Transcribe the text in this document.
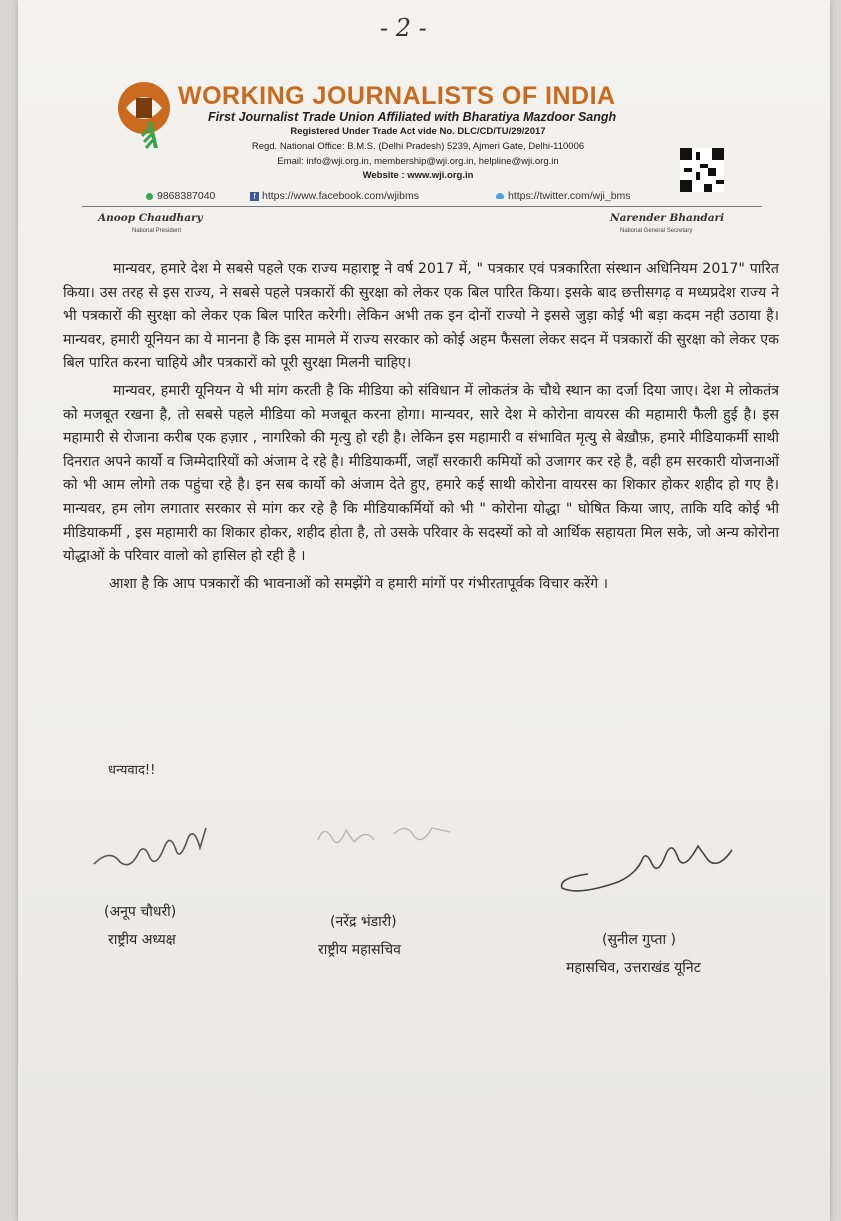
- 2 -
WORKING JOURNALISTS OF INDIA
First Journalist Trade Union Affiliated with Bharatiya Mazdoor Sangh
Registered Under Trade Act vide No. DLC/CD/TU/29/2017
Regd. National Office: B.M.S. (Delhi Pradesh) 5239, Ajmeri Gate, Delhi-110006
Email: info@wji.org.in, membership@wji.org.in, helpline@wji.org.in
Website : www.wji.org.in
9868387040	f https://www.facebook.com/wjibms	https://twitter.com/wji_bms
Anoop Chaudhary
National President
Narender Bhandari
National General Secretary

मान्यवर, हमारे देश मे सबसे पहले एक राज्य महाराष्ट्र ने वर्ष 2017 में, " पत्रकार एवं पत्रकारिता संस्थान अधिनियम 2017" पारित किया। उस तरह से इस राज्य, ने सबसे पहले पत्रकारों की सुरक्षा को लेकर एक बिल पारित किया। इसके बाद छत्तीसगढ़ व मध्यप्रदेश राज्य ने भी पत्रकारों की सुरक्षा को लेकर एक बिल पारित करेगी। लेकिन अभी तक इन दोनों राज्यो ने इससे जुड़ा कोई भी बड़ा कदम नही उठाया है। मान्यवर, हमारी यूनियन का ये मानना है कि इस मामले में राज्य सरकार को कोई अहम फैसला लेकर सदन में पत्रकारों की सुरक्षा को लेकर एक बिल पारित करना चाहिये और पत्रकारों को पूरी सुरक्षा मिलनी चाहिए।

मान्यवर, हमारी यूनियन ये भी मांग करती है कि मीडिया को संविधान में लोकतंत्र के चौथे स्थान का दर्जा दिया जाए। देश मे लोकतंत्र को मजबूत रखना है, तो सबसे पहले मीडिया को मजबूत करना होगा। मान्यवर, सारे देश मे कोरोना वायरस की महामारी फैली हुई है। इस महामारी से रोजाना करीब एक हज़ार , नागरिको की मृत्यु हो रही है। लेकिन इस महामारी व संभावित मृत्यु से बेख़ौफ़, हमारे मीडियाकर्मी साथी दिनरात अपने कार्यो व जिम्मेदारियों को अंजाम दे रहे है। मीडियाकर्मी, जहाँ सरकारी कमियों को उजागर कर रहे है, वही हम सरकारी योजनाओं को भी आम लोगो तक पहुंचा रहे है। इन सब कार्यो को अंजाम देते हुए, हमारे कई साथी कोरोना वायरस का शिकार होकर शहीद हो गए है। मान्यवर, हम लोग लगातार सरकार से मांग कर रहे है कि मीडियाकर्मियों को भी " कोरोना योद्धा " घोषित किया जाए, ताकि यदि कोई भी मीडियाकर्मी , इस महामारी का शिकार होकर, शहीद होता है, तो उसके परिवार के सदस्यों को वो आर्थिक सहायता मिल सके, जो अन्य कोरोना योद्धाओं के परिवार वालो को हासिल हो रही है ।

आशा है कि आप पत्रकारों की भावनाओं को समझेंगे व हमारी मांगों पर गंभीरतापूर्वक विचार करेंगे ।

धन्यवाद!!
(अनूप चौधरी)
राष्ट्रीय अध्यक्ष
(नरेंद्र भंडारी)
राष्ट्रीय महासचिव
(सुनील गुप्ता )
महासचिव, उत्तराखंड यूनिट
